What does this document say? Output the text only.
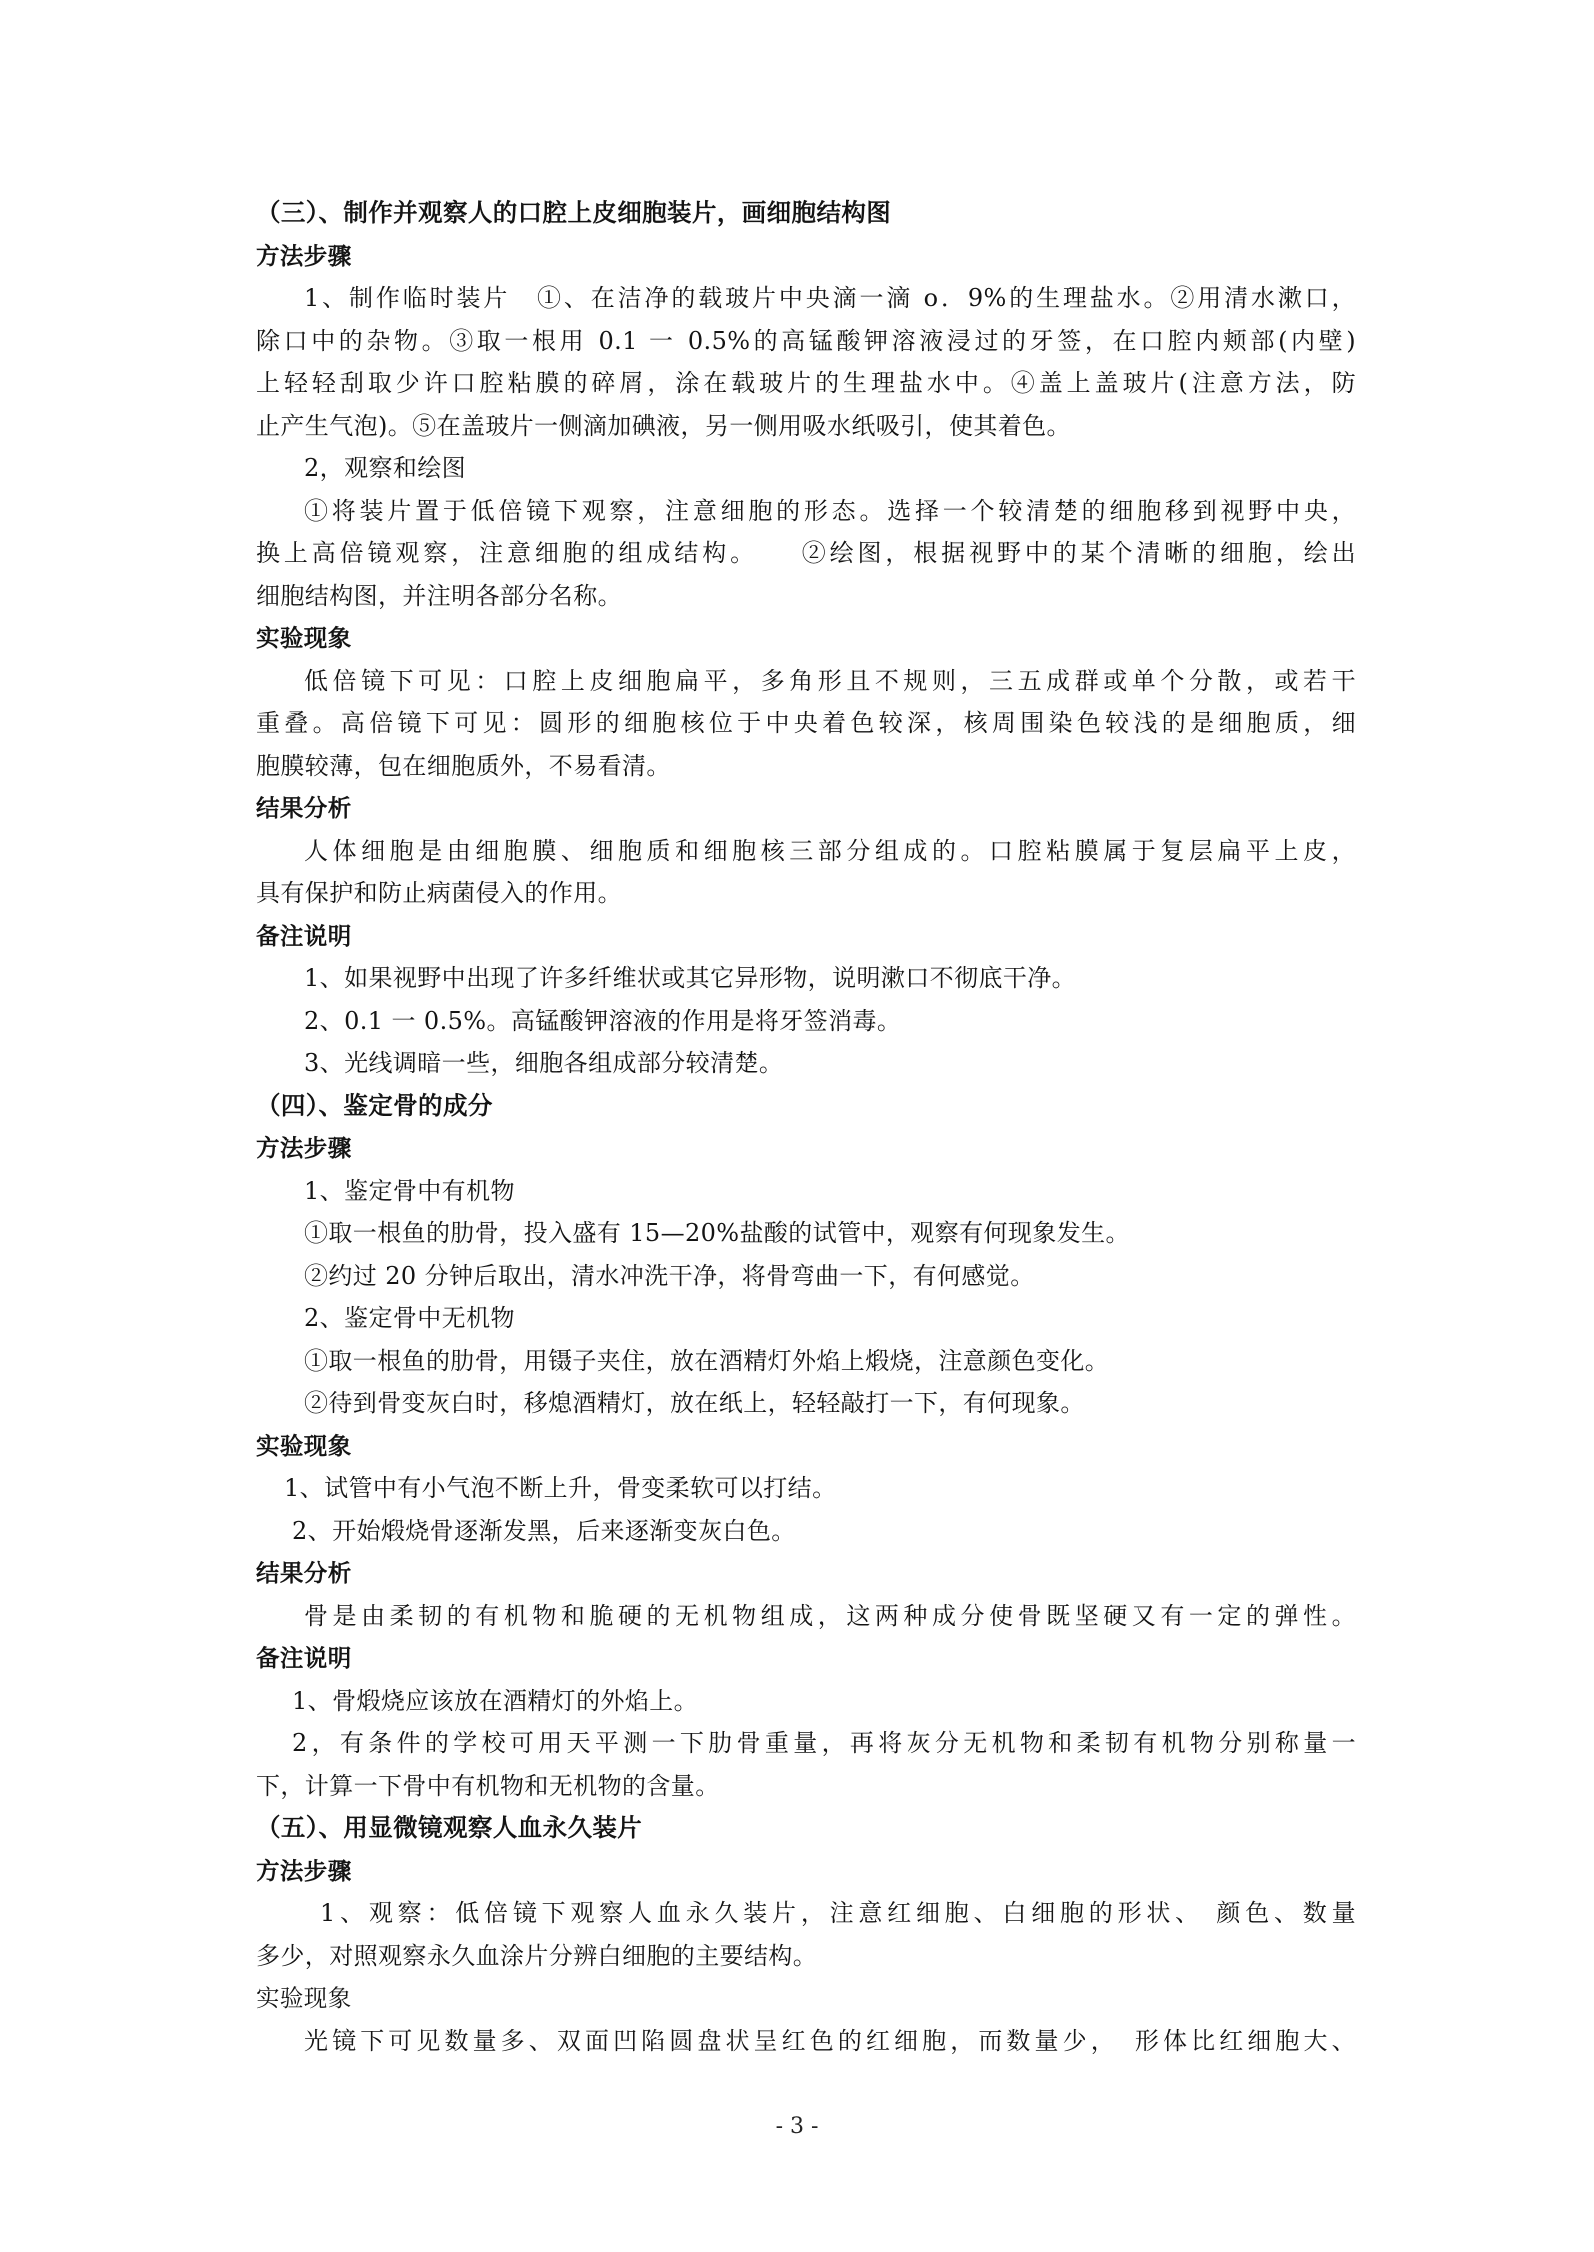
（三）、制作并观察人的口腔上皮细胞装片，画细胞结构图
方法步骤
1、制作临时装片　①、在洁净的载玻片中央滴一滴 o．9%的生理盐水。②用清水漱口，
除口中的杂物。③取一根用 0.1 一 0.5%的高锰酸钾溶液浸过的牙签，在口腔内颊部(内壁)
上轻轻刮取少许口腔粘膜的碎屑，涂在载玻片的生理盐水中。④盖上盖玻片(注意方法，防
止产生气泡)。⑤在盖玻片一侧滴加碘液，另一侧用吸水纸吸引，使其着色。
2，观察和绘图
①将装片置于低倍镜下观察，注意细胞的形态。选择一个较清楚的细胞移到视野中央，
换上高倍镜观察，注意细胞的组成结构。　　②绘图，根据视野中的某个清晰的细胞，绘出
细胞结构图，并注明各部分名称。
实验现象
低倍镜下可见：口腔上皮细胞扁平，多角形且不规则，三五成群或单个分散，或若干
重叠。高倍镜下可见：圆形的细胞核位于中央着色较深，核周围染色较浅的是细胞质，细
胞膜较薄，包在细胞质外，不易看清。
结果分析
人体细胞是由细胞膜、细胞质和细胞核三部分组成的。口腔粘膜属于复层扁平上皮，
具有保护和防止病菌侵入的作用。
备注说明
1、如果视野中出现了许多纤维状或其它异形物，说明漱口不彻底干净。
2、0.1 一 0.5%。高锰酸钾溶液的作用是将牙签消毒。
3、光线调暗一些，细胞各组成部分较清楚。
（四）、鉴定骨的成分
方法步骤
1、鉴定骨中有机物
①取一根鱼的肋骨，投入盛有 15—20%盐酸的试管中，观察有何现象发生。
②约过 20 分钟后取出，清水冲洗干净，将骨弯曲一下，有何感觉。
2、鉴定骨中无机物
①取一根鱼的肋骨，用镊子夹住，放在酒精灯外焰上煅烧，注意颜色变化。
②待到骨变灰白时，移熄酒精灯，放在纸上，轻轻敲打一下，有何现象。
实验现象
1、试管中有小气泡不断上升，骨变柔软可以打结。
2、开始煅烧骨逐渐发黑，后来逐渐变灰白色。
结果分析
骨是由柔韧的有机物和脆硬的无机物组成，这两种成分使骨既坚硬又有一定的弹性。
备注说明
1、骨煅烧应该放在酒精灯的外焰上。
2，有条件的学校可用天平测一下肋骨重量，再将灰分无机物和柔韧有机物分别称量一
下，计算一下骨中有机物和无机物的含量。
（五）、用显微镜观察人血永久装片
方法步骤
1、观察：低倍镜下观察人血永久装片，注意红细胞、白细胞的形状、 颜色、数量
多少，对照观察永久血涂片分辨白细胞的主要结构。
实验现象
光镜下可见数量多、双面凹陷圆盘状呈红色的红细胞，而数量少，　形体比红细胞大、
- 3 -
